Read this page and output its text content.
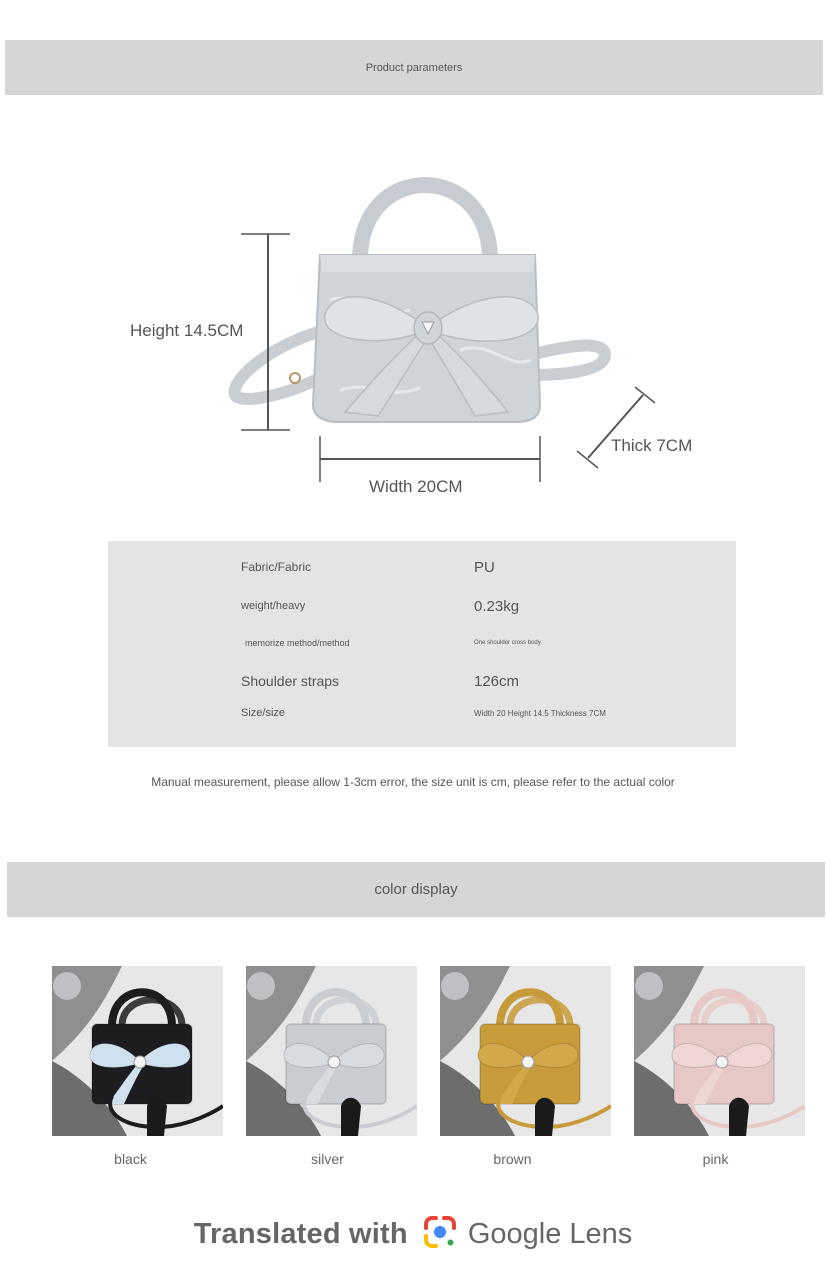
Product parameters
Height 14.5CM
Width 20CM
Thick 7CM
Fabric/Fabric	PU
weight/heavy	0.23kg
memorize method/method	One shoulder cross body
Shoulder straps	126cm
Size/size	Width 20 Height 14.5 Thickness 7CM
Manual measurement, please allow 1-3cm error, the size unit is cm, please refer to the actual color
color display
black	silver	brown	pink
Translated with Google Lens
